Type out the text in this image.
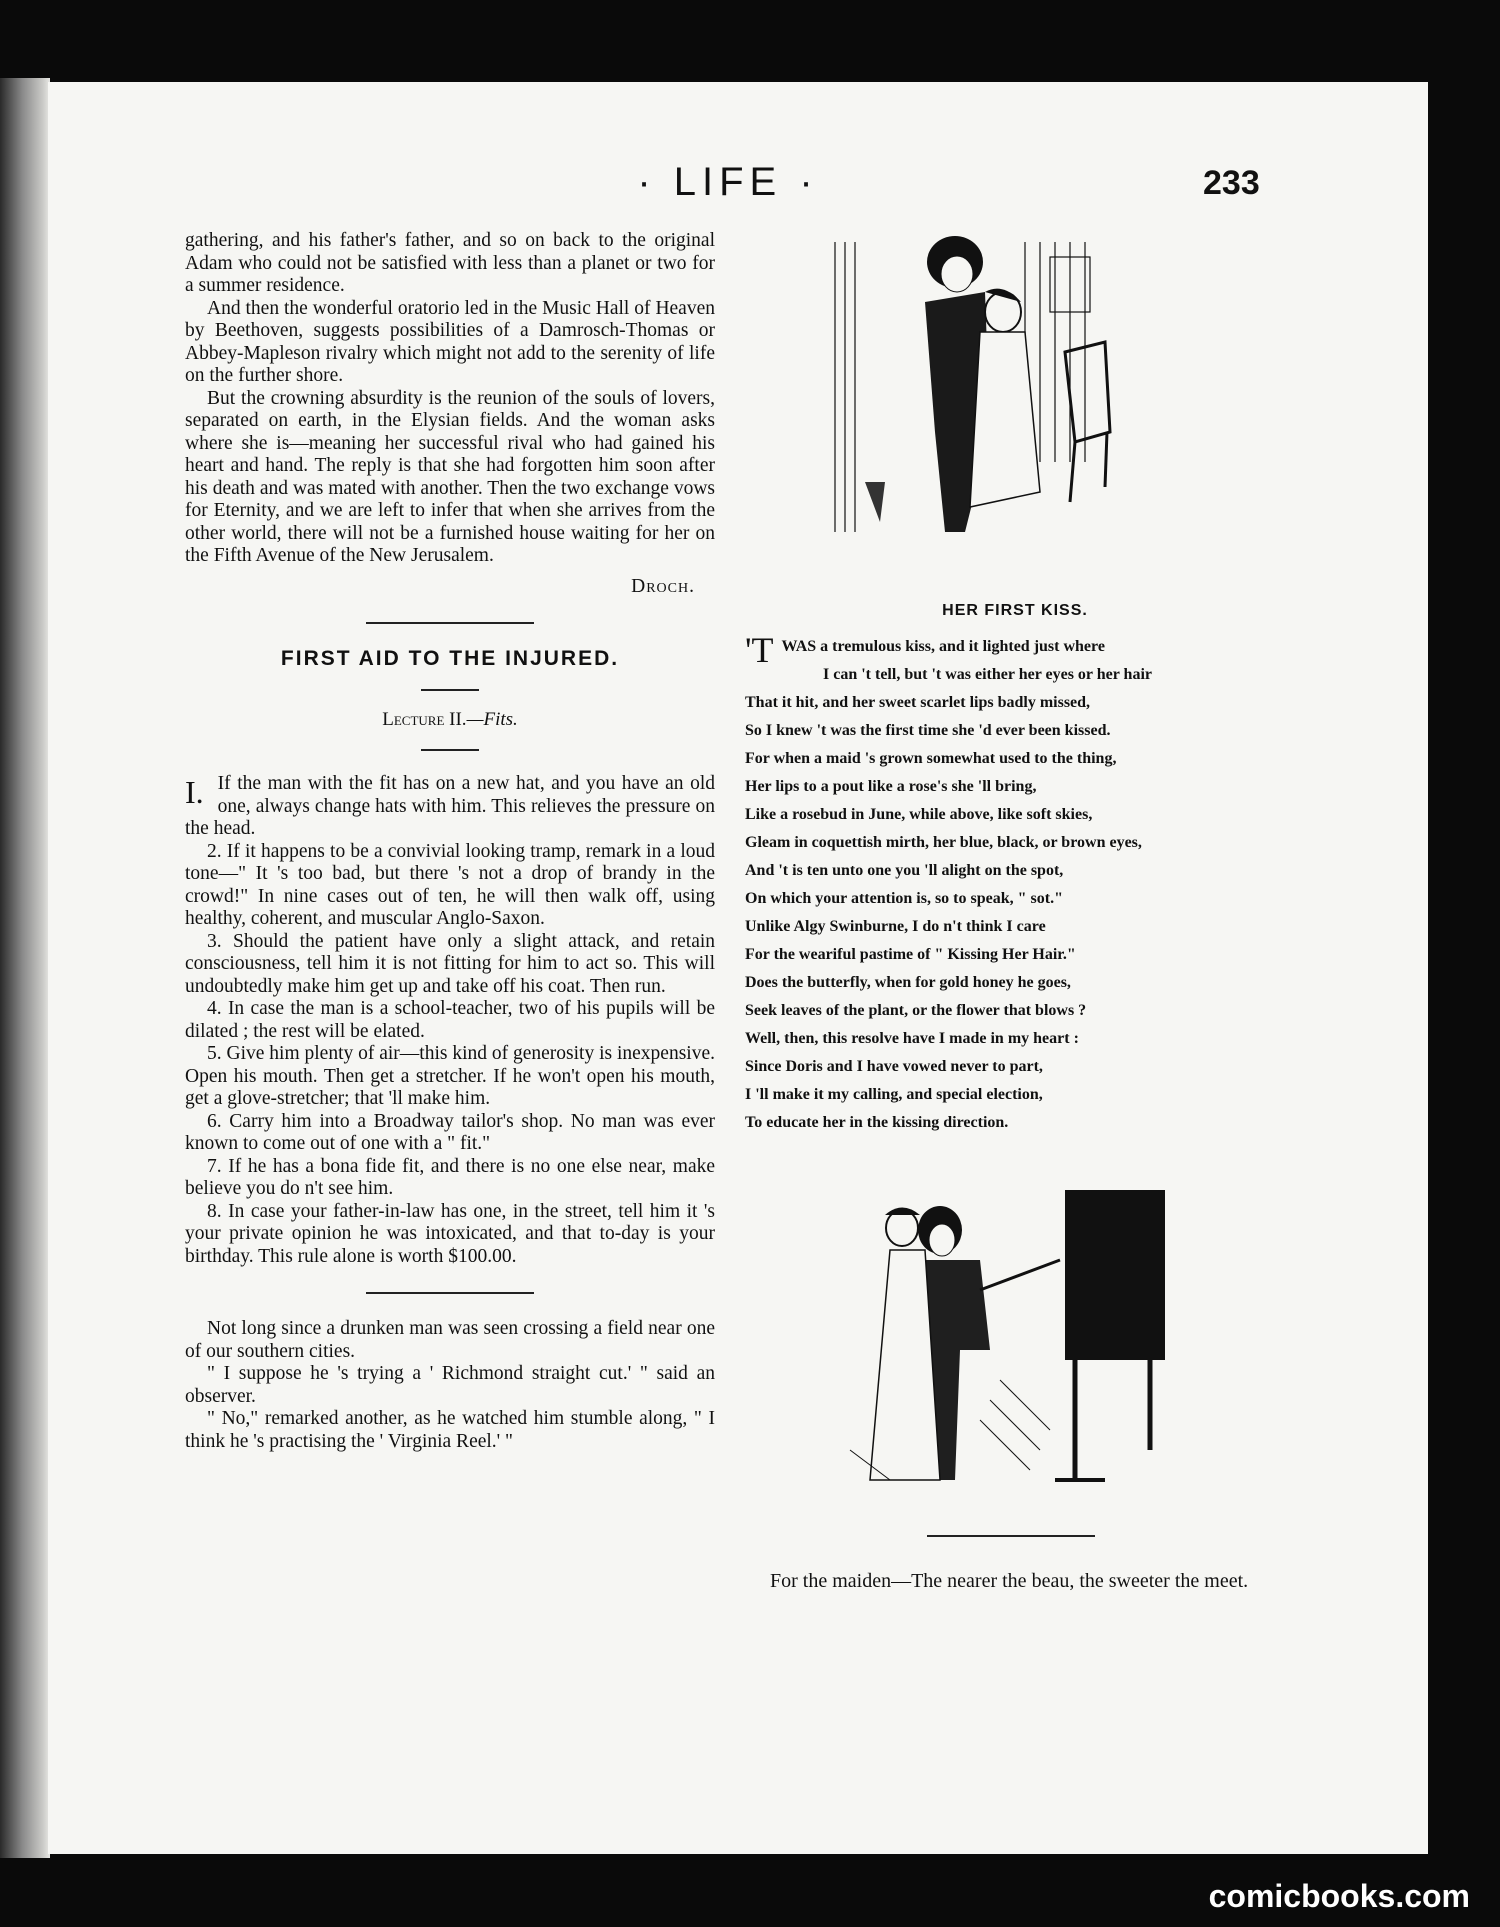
· LIFE ·	233

gathering, and his father's father, and so on back to the original Adam who could not be satisfied with less than a planet or two for a summer residence.

And then the wonderful oratorio led in the Music Hall of Heaven by Beethoven, suggests possibilities of a Damrosch-Thomas or Abbey-Mapleson rivalry which might not add to the serenity of life on the further shore.

But the crowning absurdity is the reunion of the souls of lovers, separated on earth, in the Elysian fields. And the woman asks where she is—meaning her successful rival who had gained his heart and hand. The reply is that she had forgotten him soon after his death and was mated with another. Then the two exchange vows for Eternity, and we are left to infer that when she arrives from the other world, there will not be a furnished house waiting for her on the Fifth Avenue of the New Jerusalem.

Droch.

FIRST AID TO THE INJURED.
Lecture II.—Fits.

I. If the man with the fit has on a new hat, and you have an old one, always change hats with him. This relieves the pressure on the head.

2. If it happens to be a convivial looking tramp, remark in a loud tone—" It 's too bad, but there 's not a drop of brandy in the crowd!" In nine cases out of ten, he will then walk off, using healthy, coherent, and muscular Anglo-Saxon.

3. Should the patient have only a slight attack, and retain consciousness, tell him it is not fitting for him to act so. This will undoubtedly make him get up and take off his coat. Then run.

4. In case the man is a school-teacher, two of his pupils will be dilated ; the rest will be elated.

5. Give him plenty of air—this kind of generosity is inexpensive. Open his mouth. Then get a stretcher. If he won't open his mouth, get a glove-stretcher; that 'll make him.

6. Carry him into a Broadway tailor's shop. No man was ever known to come out of one with a " fit."

7. If he has a bona fide fit, and there is no one else near, make believe you do n't see him.

8. In case your father-in-law has one, in the street, tell him it 's your private opinion he was intoxicated, and that to-day is your birthday. This rule alone is worth $100.00.

Not long since a drunken man was seen crossing a field near one of our southern cities.

" I suppose he 's trying a ' Richmond straight cut.' " said an observer.

" No," remarked another, as he watched him stumble along, " I think he 's practising the ' Virginia Reel.' "

HER FIRST KISS.
'TWAS a tremulous kiss, and it lighted just where
I can 't tell, but 't was either her eyes or her hair
That it hit, and her sweet scarlet lips badly missed,
So I knew 't was the first time she 'd ever been kissed.
For when a maid 's grown somewhat used to the thing,
Her lips to a pout like a rose's she 'll bring,
Like a rosebud in June, while above, like soft skies,
Gleam in coquettish mirth, her blue, black, or brown eyes,
And 't is ten unto one you 'll alight on the spot,
On which your attention is, so to speak, " sot."
Unlike Algy Swinburne, I do n't think I care
For the weariful pastime of " Kissing Her Hair."
Does the butterfly, when for gold honey he goes,
Seek leaves of the plant, or the flower that blows ?
Well, then, this resolve have I made in my heart :
Since Doris and I have vowed never to part,
I 'll make it my calling, and special election,
To educate her in the kissing direction.
For the maiden—The nearer the beau, the sweeter the meet.
comicbooks.com
